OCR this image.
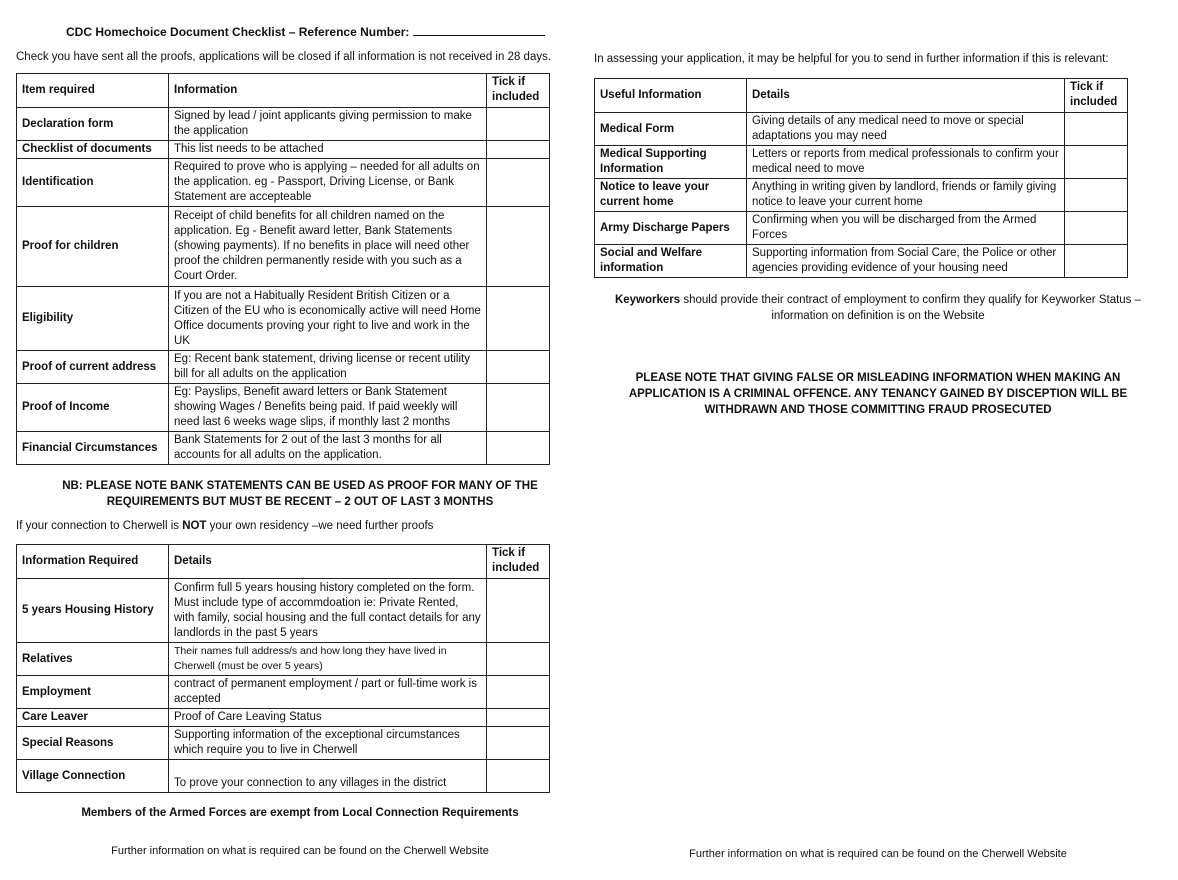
CDC Homechoice Document Checklist – Reference Number:
Check you have sent all the proofs, applications will be closed if all information is not received in 28 days.
Item required	Information	Tick if included
Declaration form	Signed by lead / joint applicants giving permission to make the application	
Checklist of documents	This list needs to be attached	
Identification	Required to prove who is applying – needed for all adults on the application. eg - Passport, Driving License, or Bank Statement are accepteable	
Proof for children	Receipt of child benefits for all children named on the application. Eg - Benefit award letter, Bank Statements (showing payments). If no benefits in place will need other proof the children permanently reside with you such as a Court Order.	
Eligibility	If you are not a Habitually Resident British Citizen or a Citizen of the EU who is economically active will need Home Office documents proving your right to live and work in the UK	
Proof of current address	Eg: Recent bank statement, driving license or recent utility bill for all adults on the application	
Proof of Income	Eg: Payslips, Benefit award letters or Bank Statement showing Wages / Benefits being paid. If paid weekly will need last 6 weeks wage slips, if monthly last 2 months	
Financial Circumstances	Bank Statements for 2 out of the last 3 months for all accounts for all adults on the application.	
NB: PLEASE NOTE BANK STATEMENTS CAN BE USED AS PROOF FOR MANY OF THE REQUIREMENTS BUT MUST BE RECENT – 2 OUT OF LAST 3 MONTHS
If your connection to Cherwell is NOT your own residency –we need further proofs
Information Required	Details	Tick if included
5 years Housing History	Confirm full 5 years housing history completed on the form. Must include type of accommdoation ie: Private Rented, with family, social housing and the full contact details for any landlords in the past 5 years	
Relatives	Their names full address/s and how long they have lived in Cherwell (must be over 5 years)	
Employment	contract of permanent employment / part or full-time work is accepted	
Care Leaver	Proof of Care Leaving Status	
Special Reasons	Supporting information of the exceptional circumstances which require you to live in Cherwell	
Village Connection	To prove your connection to any villages in the district	
Members of the Armed Forces are exempt from Local Connection Requirements
Further information on what is required can be found on the Cherwell Website
In assessing your application, it may be helpful for you to send in further information if this is relevant:
Useful Information	Details	Tick if included
Medical Form	Giving details of any medical need to move or special adaptations you may need	
Medical Supporting Information	Letters or reports from medical professionals to confirm your medical need to move	
Notice to leave your current home	Anything in writing given by landlord, friends or family giving notice to leave your current home	
Army Discharge Papers	Confirming when you will be discharged from the Armed Forces	
Social and Welfare information	Supporting information from Social Care, the Police or other agencies providing evidence of your housing need	
Keyworkers should provide their contract of employment to confirm they qualify for Keyworker Status – information on definition is on the Website
PLEASE NOTE THAT GIVING FALSE OR MISLEADING INFORMATION WHEN MAKING AN APPLICATION IS A CRIMINAL OFFENCE. ANY TENANCY GAINED BY DISCEPTION WILL BE WITHDRAWN AND THOSE COMMITTING FRAUD PROSECUTED
Further information on what is required can be found on the Cherwell Website
